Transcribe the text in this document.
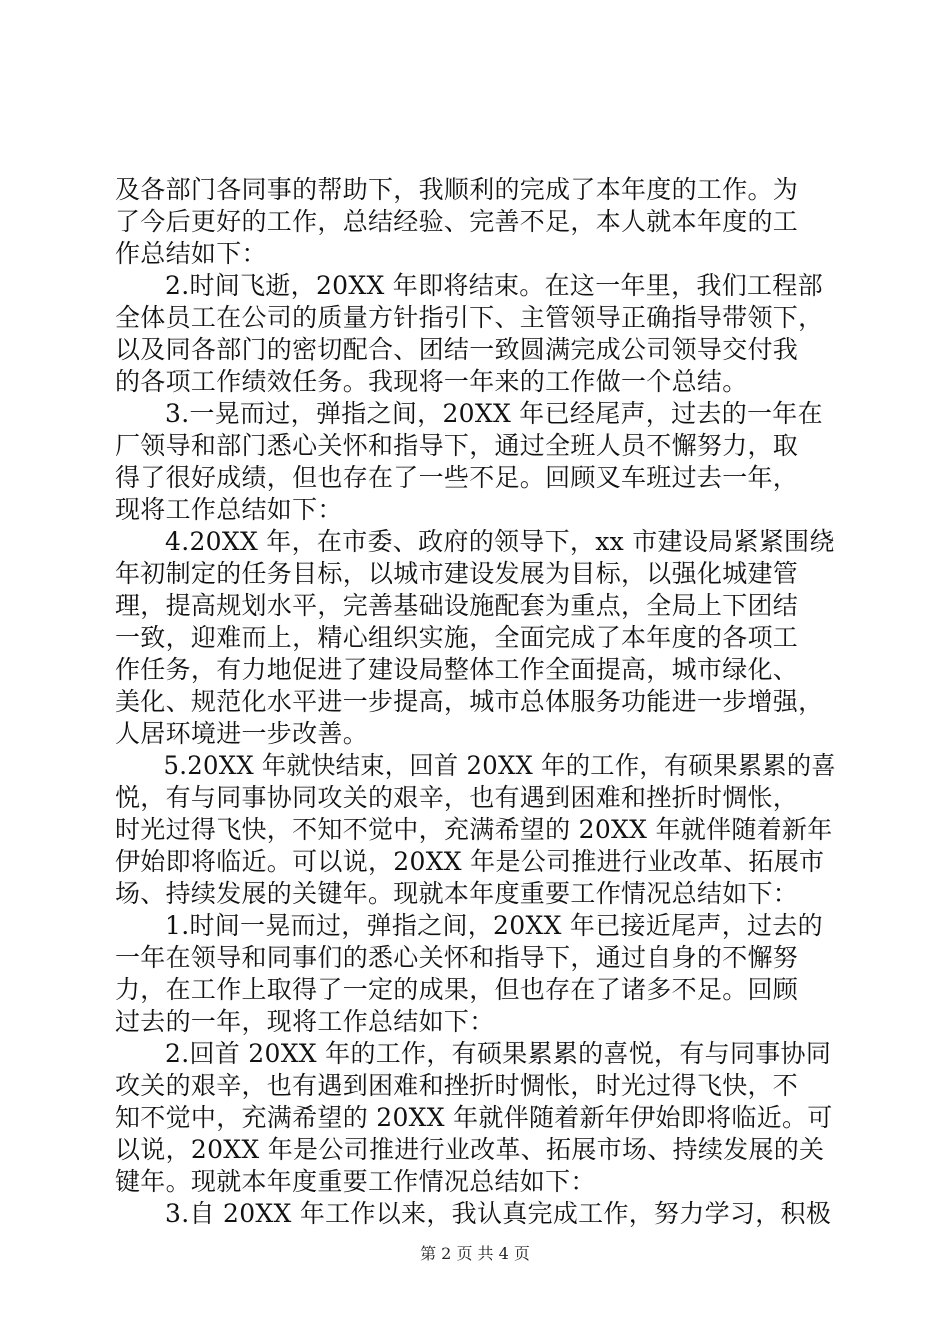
及各部门各同事的帮助下，我顺利的完成了本年度的工作。为
了今后更好的工作，总结经验、完善不足，本人就本年度的工
作总结如下：
2.时间飞逝，20XX 年即将结束。在这一年里，我们工程部
全体员工在公司的质量方针指引下、主管领导正确指导带领下，
以及同各部门的密切配合、团结一致圆满完成公司领导交付我
的各项工作绩效任务。我现将一年来的工作做一个总结。
3.一晃而过，弹指之间，20XX 年已经尾声，过去的一年在
厂领导和部门悉心关怀和指导下，通过全班人员不懈努力，取
得了很好成绩，但也存在了一些不足。回顾叉车班过去一年，
现将工作总结如下：
4.20XX 年，在市委、政府的领导下，xx 市建设局紧紧围绕
年初制定的任务目标，以城市建设发展为目标，以强化城建管
理，提高规划水平，完善基础设施配套为重点，全局上下团结
一致，迎难而上，精心组织实施，全面完成了本年度的各项工
作任务，有力地促进了建设局整体工作全面提高，城市绿化、
美化、规范化水平进一步提高，城市总体服务功能进一步增强，
人居环境进一步改善。
5.20XX 年就快结束，回首 20XX 年的工作，有硕果累累的喜
悦，有与同事协同攻关的艰辛，也有遇到困难和挫折时惆怅，
时光过得飞快，不知不觉中，充满希望的 20XX 年就伴随着新年
伊始即将临近。可以说，20XX 年是公司推进行业改革、拓展市
场、持续发展的关键年。现就本年度重要工作情况总结如下：
1.时间一晃而过，弹指之间，20XX 年已接近尾声，过去的
一年在领导和同事们的悉心关怀和指导下，通过自身的不懈努
力，在工作上取得了一定的成果，但也存在了诸多不足。回顾
过去的一年，现将工作总结如下：
2.回首 20XX 年的工作，有硕果累累的喜悦，有与同事协同
攻关的艰辛，也有遇到困难和挫折时惆怅，时光过得飞快，不
知不觉中，充满希望的 20XX 年就伴随着新年伊始即将临近。可
以说，20XX 年是公司推进行业改革、拓展市场、持续发展的关
键年。现就本年度重要工作情况总结如下：
3.自 20XX 年工作以来，我认真完成工作，努力学习，积极
第 2 页 共 4 页
